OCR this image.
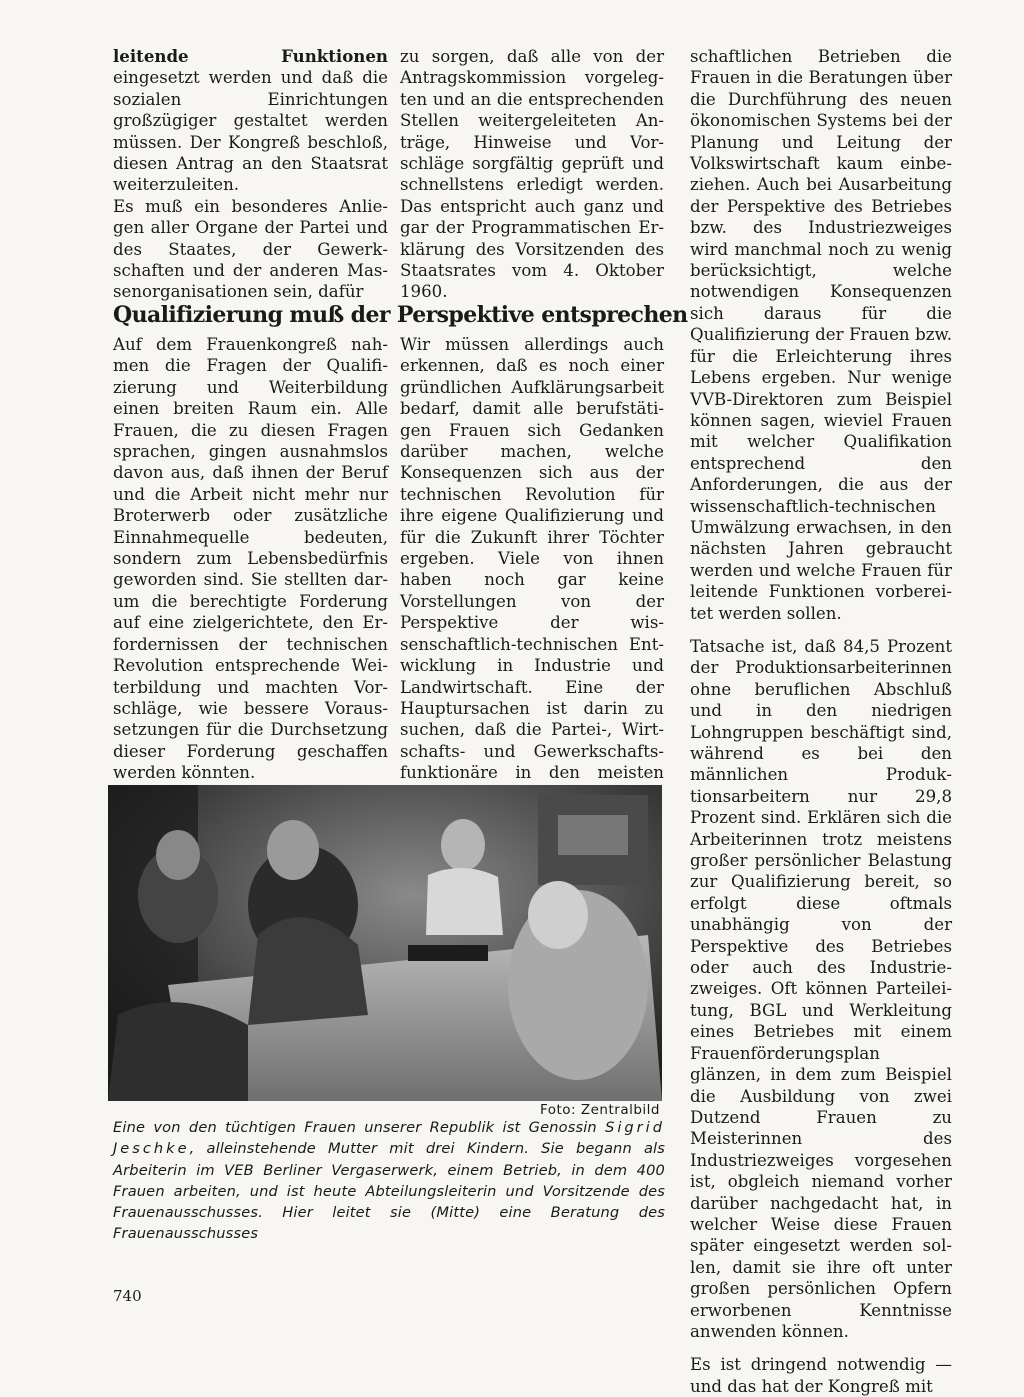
leitende Funktionen eingesetzt werden und daß die sozialen Einrichtungen großzügiger gestaltet werden müssen. Der Kongreß beschloß, diesen Antrag an den Staatsrat weiterzuleiten.

Es muß ein besonderes Anliegen aller Organe der Partei und des Staates, der Gewerkschaften und der anderen Massenorganisationen sein, dafür

zu sorgen, daß alle von der Antragskommission vorgelegten und an die entsprechenden Stellen weitergeleiteten Anträge, Hinweise und Vorschläge sorgfältig geprüft und schnellstens erledigt werden. Das entspricht auch ganz und gar der Programmatischen Erklärung des Vorsitzenden des Staatsrates vom 4. Oktober 1960.

Qualifizierung muß der Perspektive entsprechen

Auf dem Frauenkongreß nahmen die Fragen der Qualifizierung und Weiterbildung einen breiten Raum ein. Alle Frauen, die zu diesen Fragen sprachen, gingen ausnahmslos davon aus, daß ihnen der Beruf und die Arbeit nicht mehr nur Broterwerb oder zusätzliche Einnahmequelle bedeuten, sondern zum Lebensbedürfnis geworden sind. Sie stellten darum die berechtigte Forderung auf eine zielgerichtete, den Erfordernissen der technischen Revolution entsprechende Weiterbildung und machten Vorschläge, wie bessere Voraussetzungen für die Durchsetzung dieser Forderung geschaffen werden könnten.

Wir müssen allerdings auch erkennen, daß es noch einer gründlichen Aufklärungsarbeit bedarf, damit alle berufstätigen Frauen sich Gedanken darüber machen, welche Konsequenzen sich aus der technischen Revolution für ihre eigene Qualifizierung und für die Zukunft ihrer Töchter ergeben. Viele von ihnen haben noch gar keine Vorstellungen von der Perspektive der wissenschaftlich-technischen Entwicklung in Industrie und Landwirtschaft. Eine der Hauptursachen ist darin zu suchen, daß die Partei-, Wirtschafts- und Gewerkschaftsfunktionäre in den meisten

schaftlichen Betrieben die Frauen in die Beratungen über die Durchführung des neuen ökonomischen Systems bei der Planung und Leitung der Volkswirtschaft kaum einbeziehen. Auch bei Ausarbeitung der Perspektive des Betriebes bzw. des Industriezweiges wird manchmal noch zu wenig berücksichtigt, welche notwendigen Konsequenzen sich daraus für die Qualifizierung der Frauen bzw. für die Erleichterung ihres Lebens ergeben. Nur wenige VVB-Direktoren zum Beispiel können sagen, wieviel Frauen mit welcher Qualifikation entsprechend den Anforderungen, die aus der wissenschaftlich-technischen Umwälzung erwachsen, in den nächsten Jahren gebraucht werden und welche Frauen für leitende Funktionen vorbereitet werden sollen.

Tatsache ist, daß 84,5 Prozent der Produktionsarbeiterinnen ohne beruflichen Abschluß und in den niedrigen Lohngruppen beschäftigt sind, während es bei den männlichen Produktionsarbeitern nur 29,8 Prozent sind. Erklären sich die Arbeiterinnen trotz meistens großer persönlicher Belastung zur Qualifizierung bereit, so erfolgt diese oftmals unabhängig von der Perspektive des Betriebes oder auch des Industriezweiges. Oft können Parteileitung, BGL und Werkleitung eines Betriebes mit einem Frauenförderungsplan glänzen, in dem zum Beispiel die Ausbildung von zwei Dutzend Frauen zu Meisterinnen des Industriezweiges vorgesehen ist, obgleich niemand vorher darüber nachgedacht hat, in welcher Weise diese Frauen später eingesetzt werden sollen, damit sie ihre oft unter großen persönlichen Opfern erworbenen Kenntnisse anwenden können.

Es ist dringend notwendig — und das hat der Kongreß mit

Foto: Zentralbild
Eine von den tüchtigen Frauen unserer Republik ist Genossin Sigrid Jeschke, alleinstehende Mutter mit drei Kindern. Sie begann als Arbeiterin im VEB Berliner Vergaserwerk, einem Betrieb, in dem 400 Frauen arbeiten, und ist heute Abteilungsleiterin und Vorsitzende des Frauenausschusses. Hier leitet sie (Mitte) eine Beratung des Frauenausschusses
740
